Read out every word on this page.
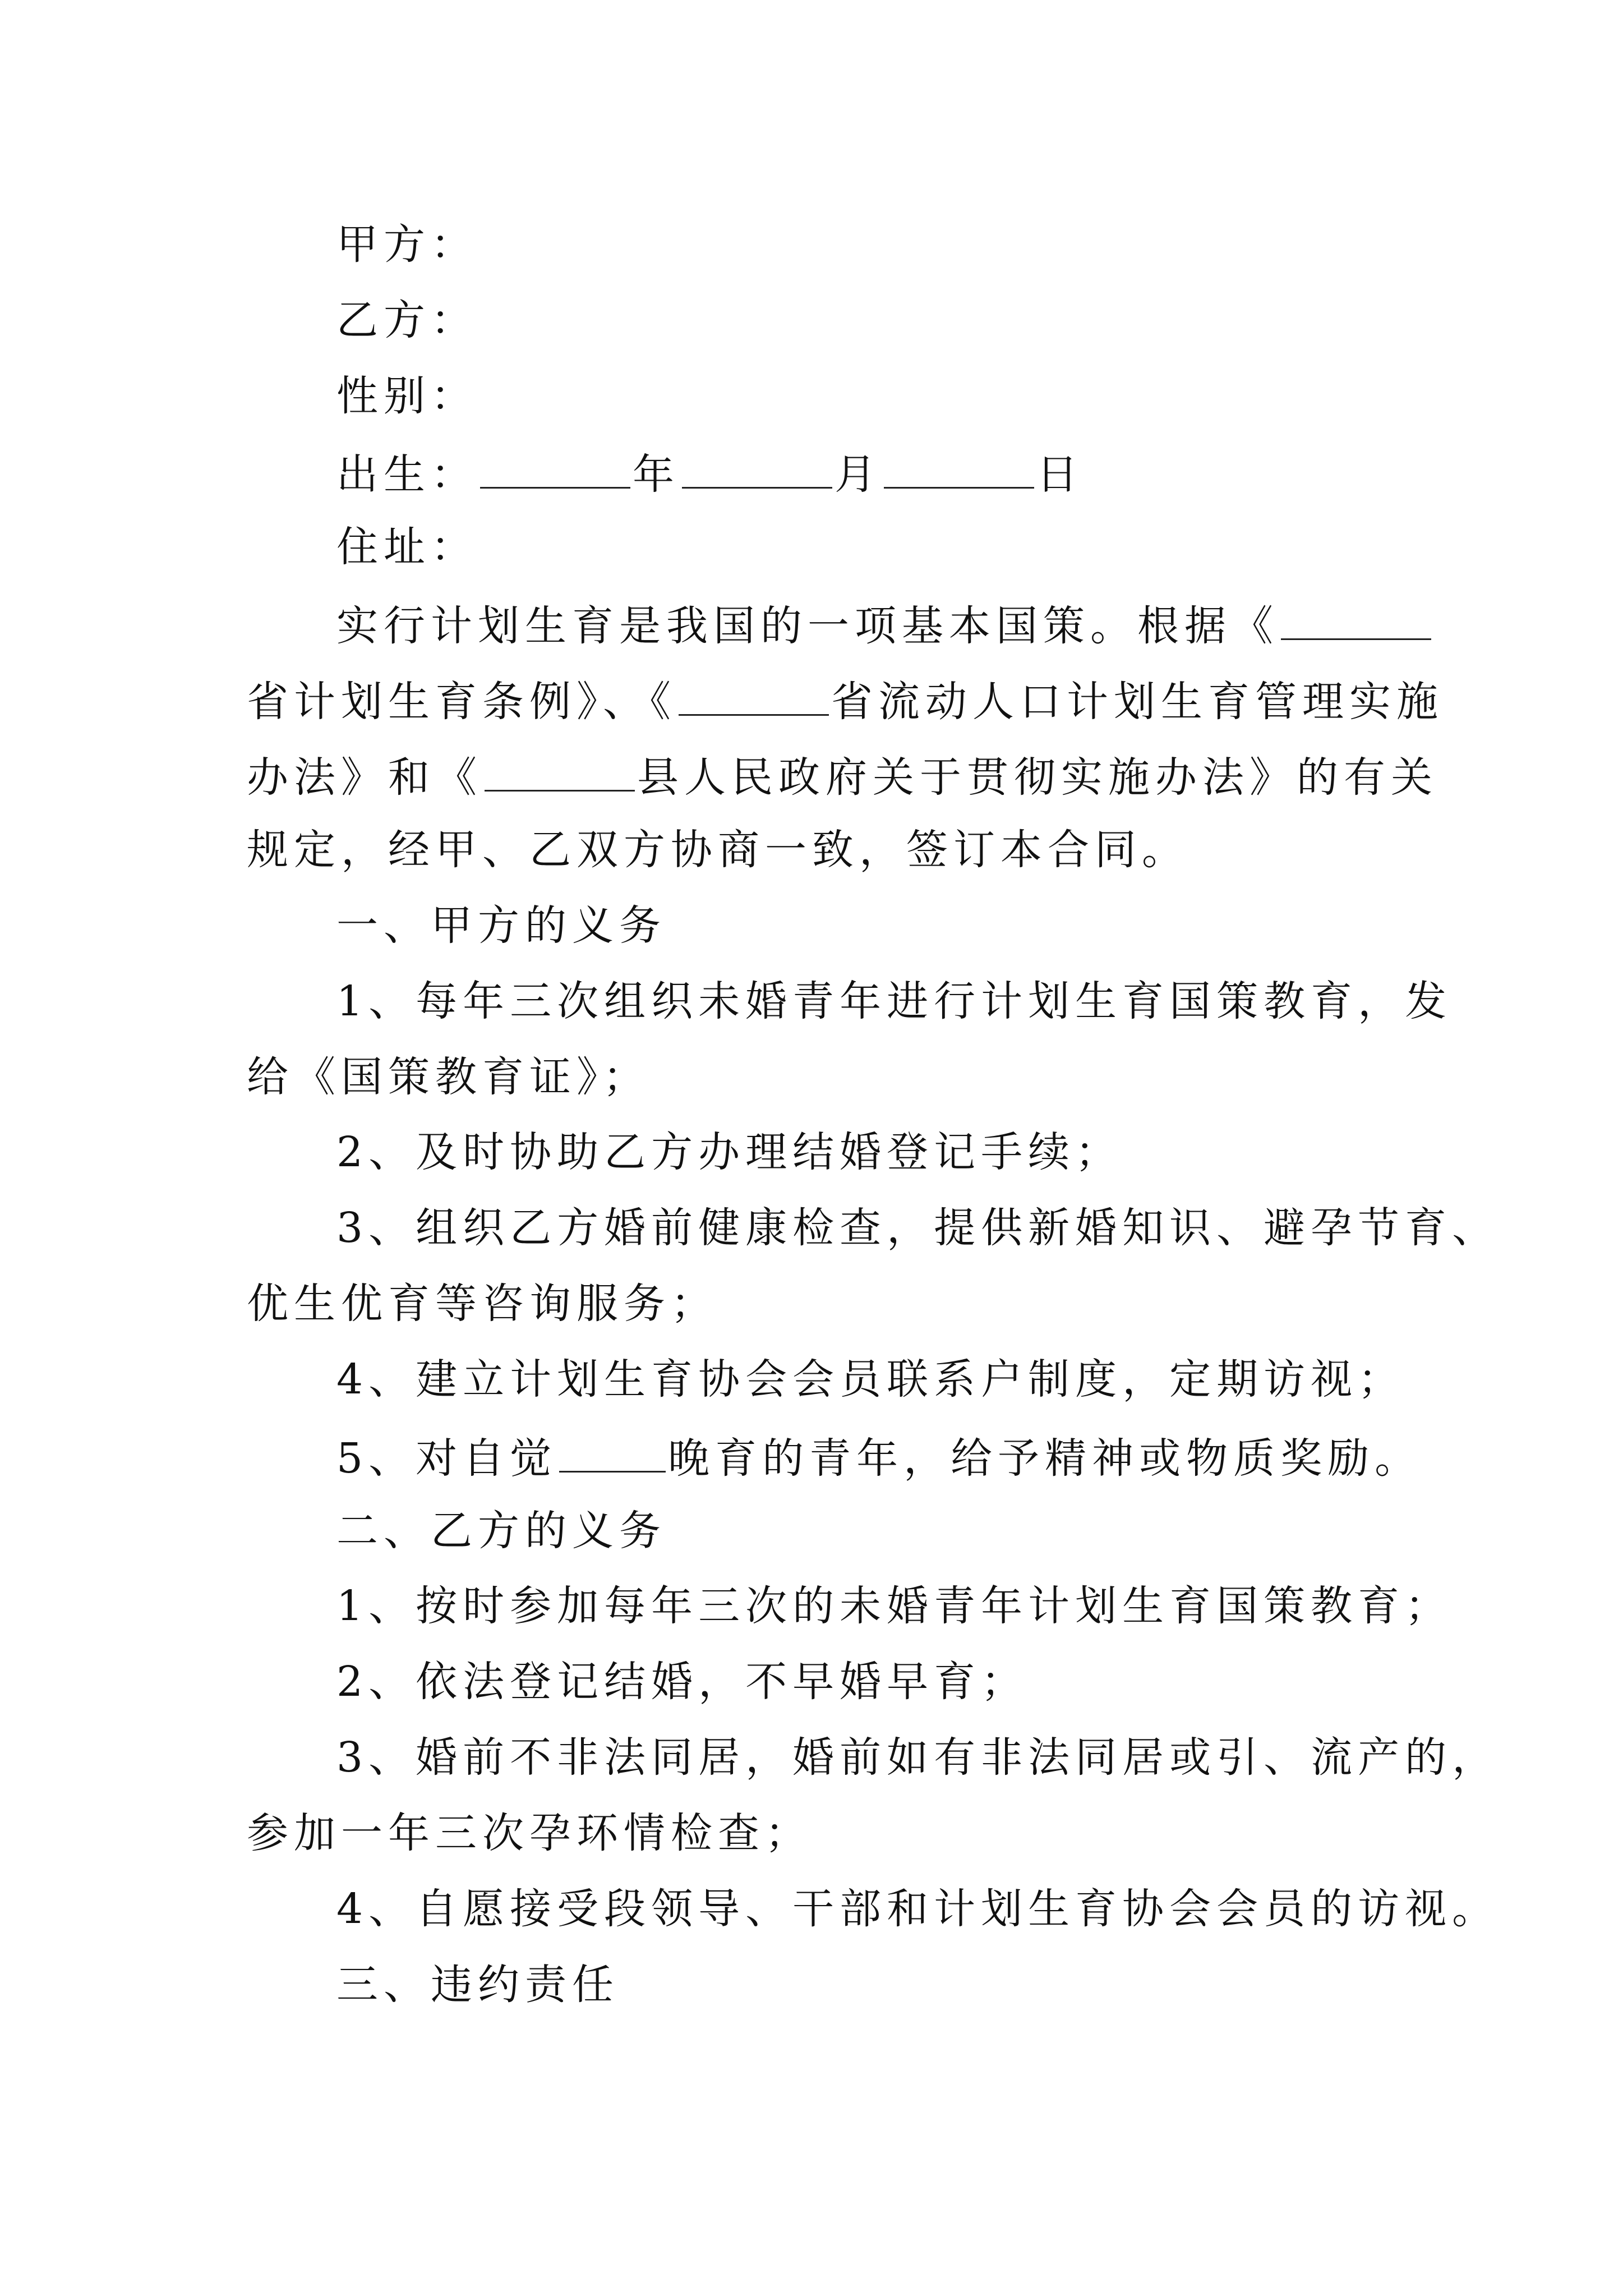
甲方：
乙方：
性别：
出生：	年	月	日
住址：
实行计划生育是我国的一项基本国策。根据《
省计划生育条例》、《	省流动人口计划生育管理实施
办法》和《	县人民政府关于贯彻实施办法》的有关
规定，经甲、乙双方协商一致，签订本合同。
一、甲方的义务
1、每年三次组织未婚青年进行计划生育国策教育，发
给《国策教育证》；
2、及时协助乙方办理结婚登记手续；
3、组织乙方婚前健康检查，提供新婚知识、避孕节育、
优生优育等咨询服务；
4、建立计划生育协会会员联系户制度，定期访视；
5、对自觉	晚育的青年，给予精神或物质奖励。
二、乙方的义务
1、按时参加每年三次的未婚青年计划生育国策教育；
2、依法登记结婚，不早婚早育；
3、婚前不非法同居，婚前如有非法同居或引、流产的，
参加一年三次孕环情检查；
4、自愿接受段领导、干部和计划生育协会会员的访视。
三、违约责任
